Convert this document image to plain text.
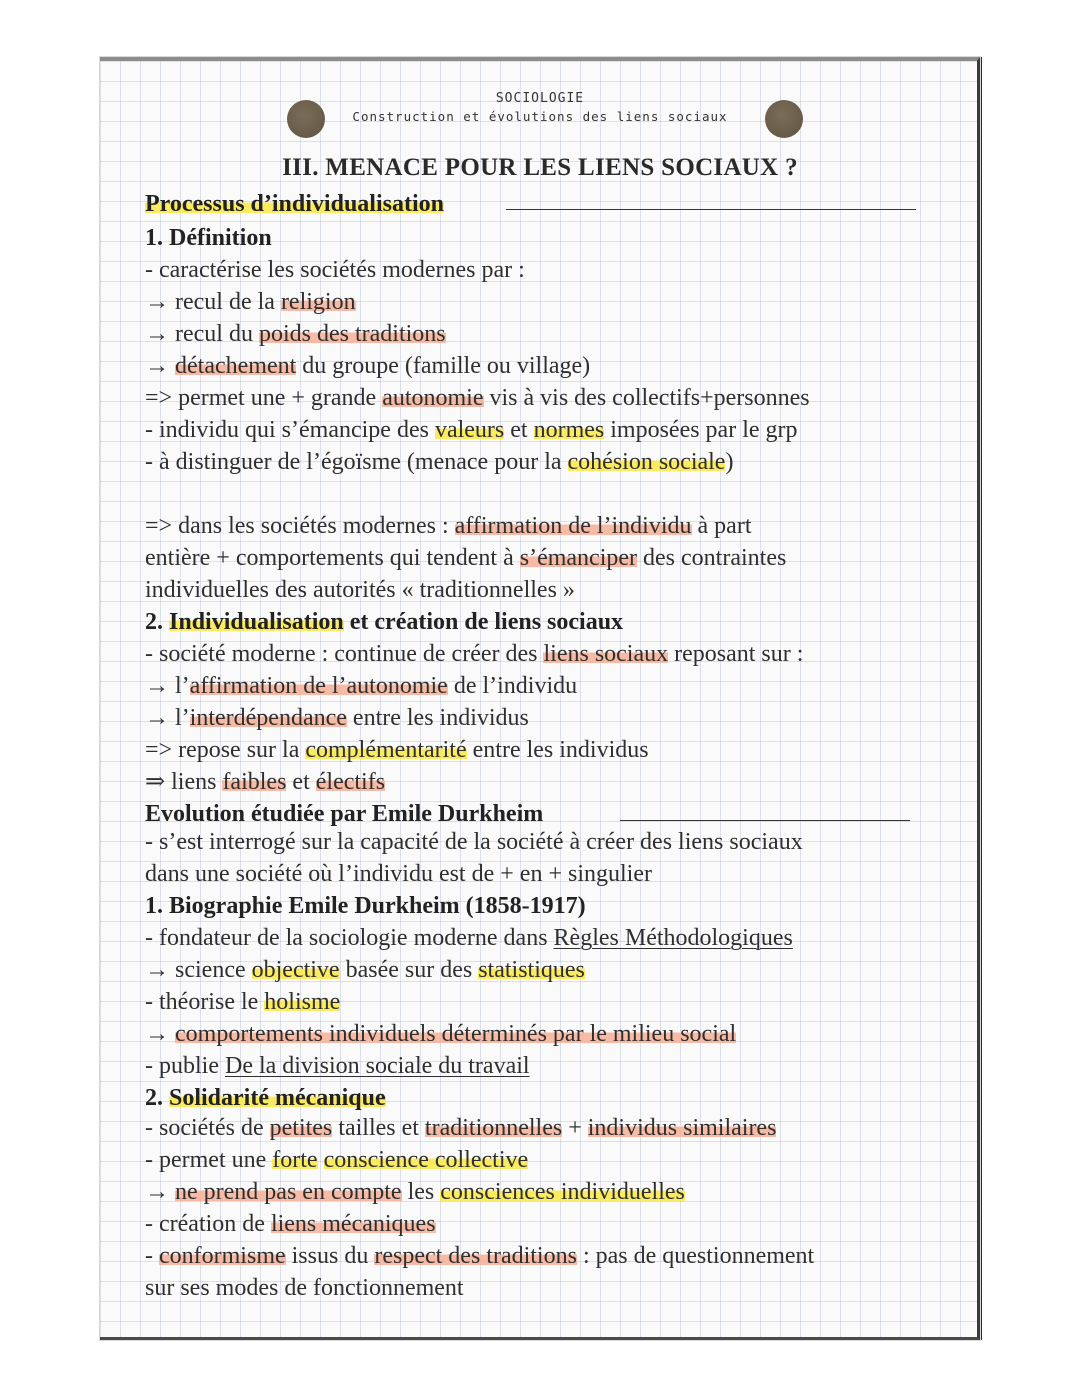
SOCIOLOGIE
Construction et évolutions des liens sociaux
III. MENACE POUR LES LIENS SOCIAUX ?
Processus d’individualisation
1. Définition
- caractérise les sociétés modernes par :
→ recul de la religion
→ recul du poids des traditions
→ détachement du groupe (famille ou village)
=> permet une + grande autonomie vis à vis des collectifs+personnes
- individu qui s’émancipe des valeurs et normes imposées par le grp
- à distinguer de l’égoïsme (menace pour la cohésion sociale)
=> dans les sociétés modernes : affirmation de l’individu à part
entière + comportements qui tendent à s’émanciper des contraintes
individuelles des autorités « traditionnelles »
2. Individualisation et création de liens sociaux
- société moderne : continue de créer des liens sociaux reposant sur :
→ l’affirmation de l’autonomie de l’individu
→ l’interdépendance entre les individus
=> repose sur la complémentarité entre les individus
⇒ liens faibles et électifs
Evolution étudiée par Emile Durkheim
- s’est interrogé sur la capacité de la société à créer des liens sociaux
dans une société où l’individu est de + en + singulier
1. Biographie Emile Durkheim (1858-1917)
- fondateur de la sociologie moderne dans Règles Méthodologiques
→ science objective basée sur des statistiques
- théorise le holisme
→ comportements individuels déterminés par le milieu social
- publie De la division sociale du travail
2. Solidarité mécanique
- sociétés de petites tailles et traditionnelles + individus similaires
- permet une forte conscience collective
→ ne prend pas en compte les consciences individuelles
- création de liens mécaniques
- conformisme issus du respect des traditions : pas de questionnement
sur ses modes de fonctionnement
